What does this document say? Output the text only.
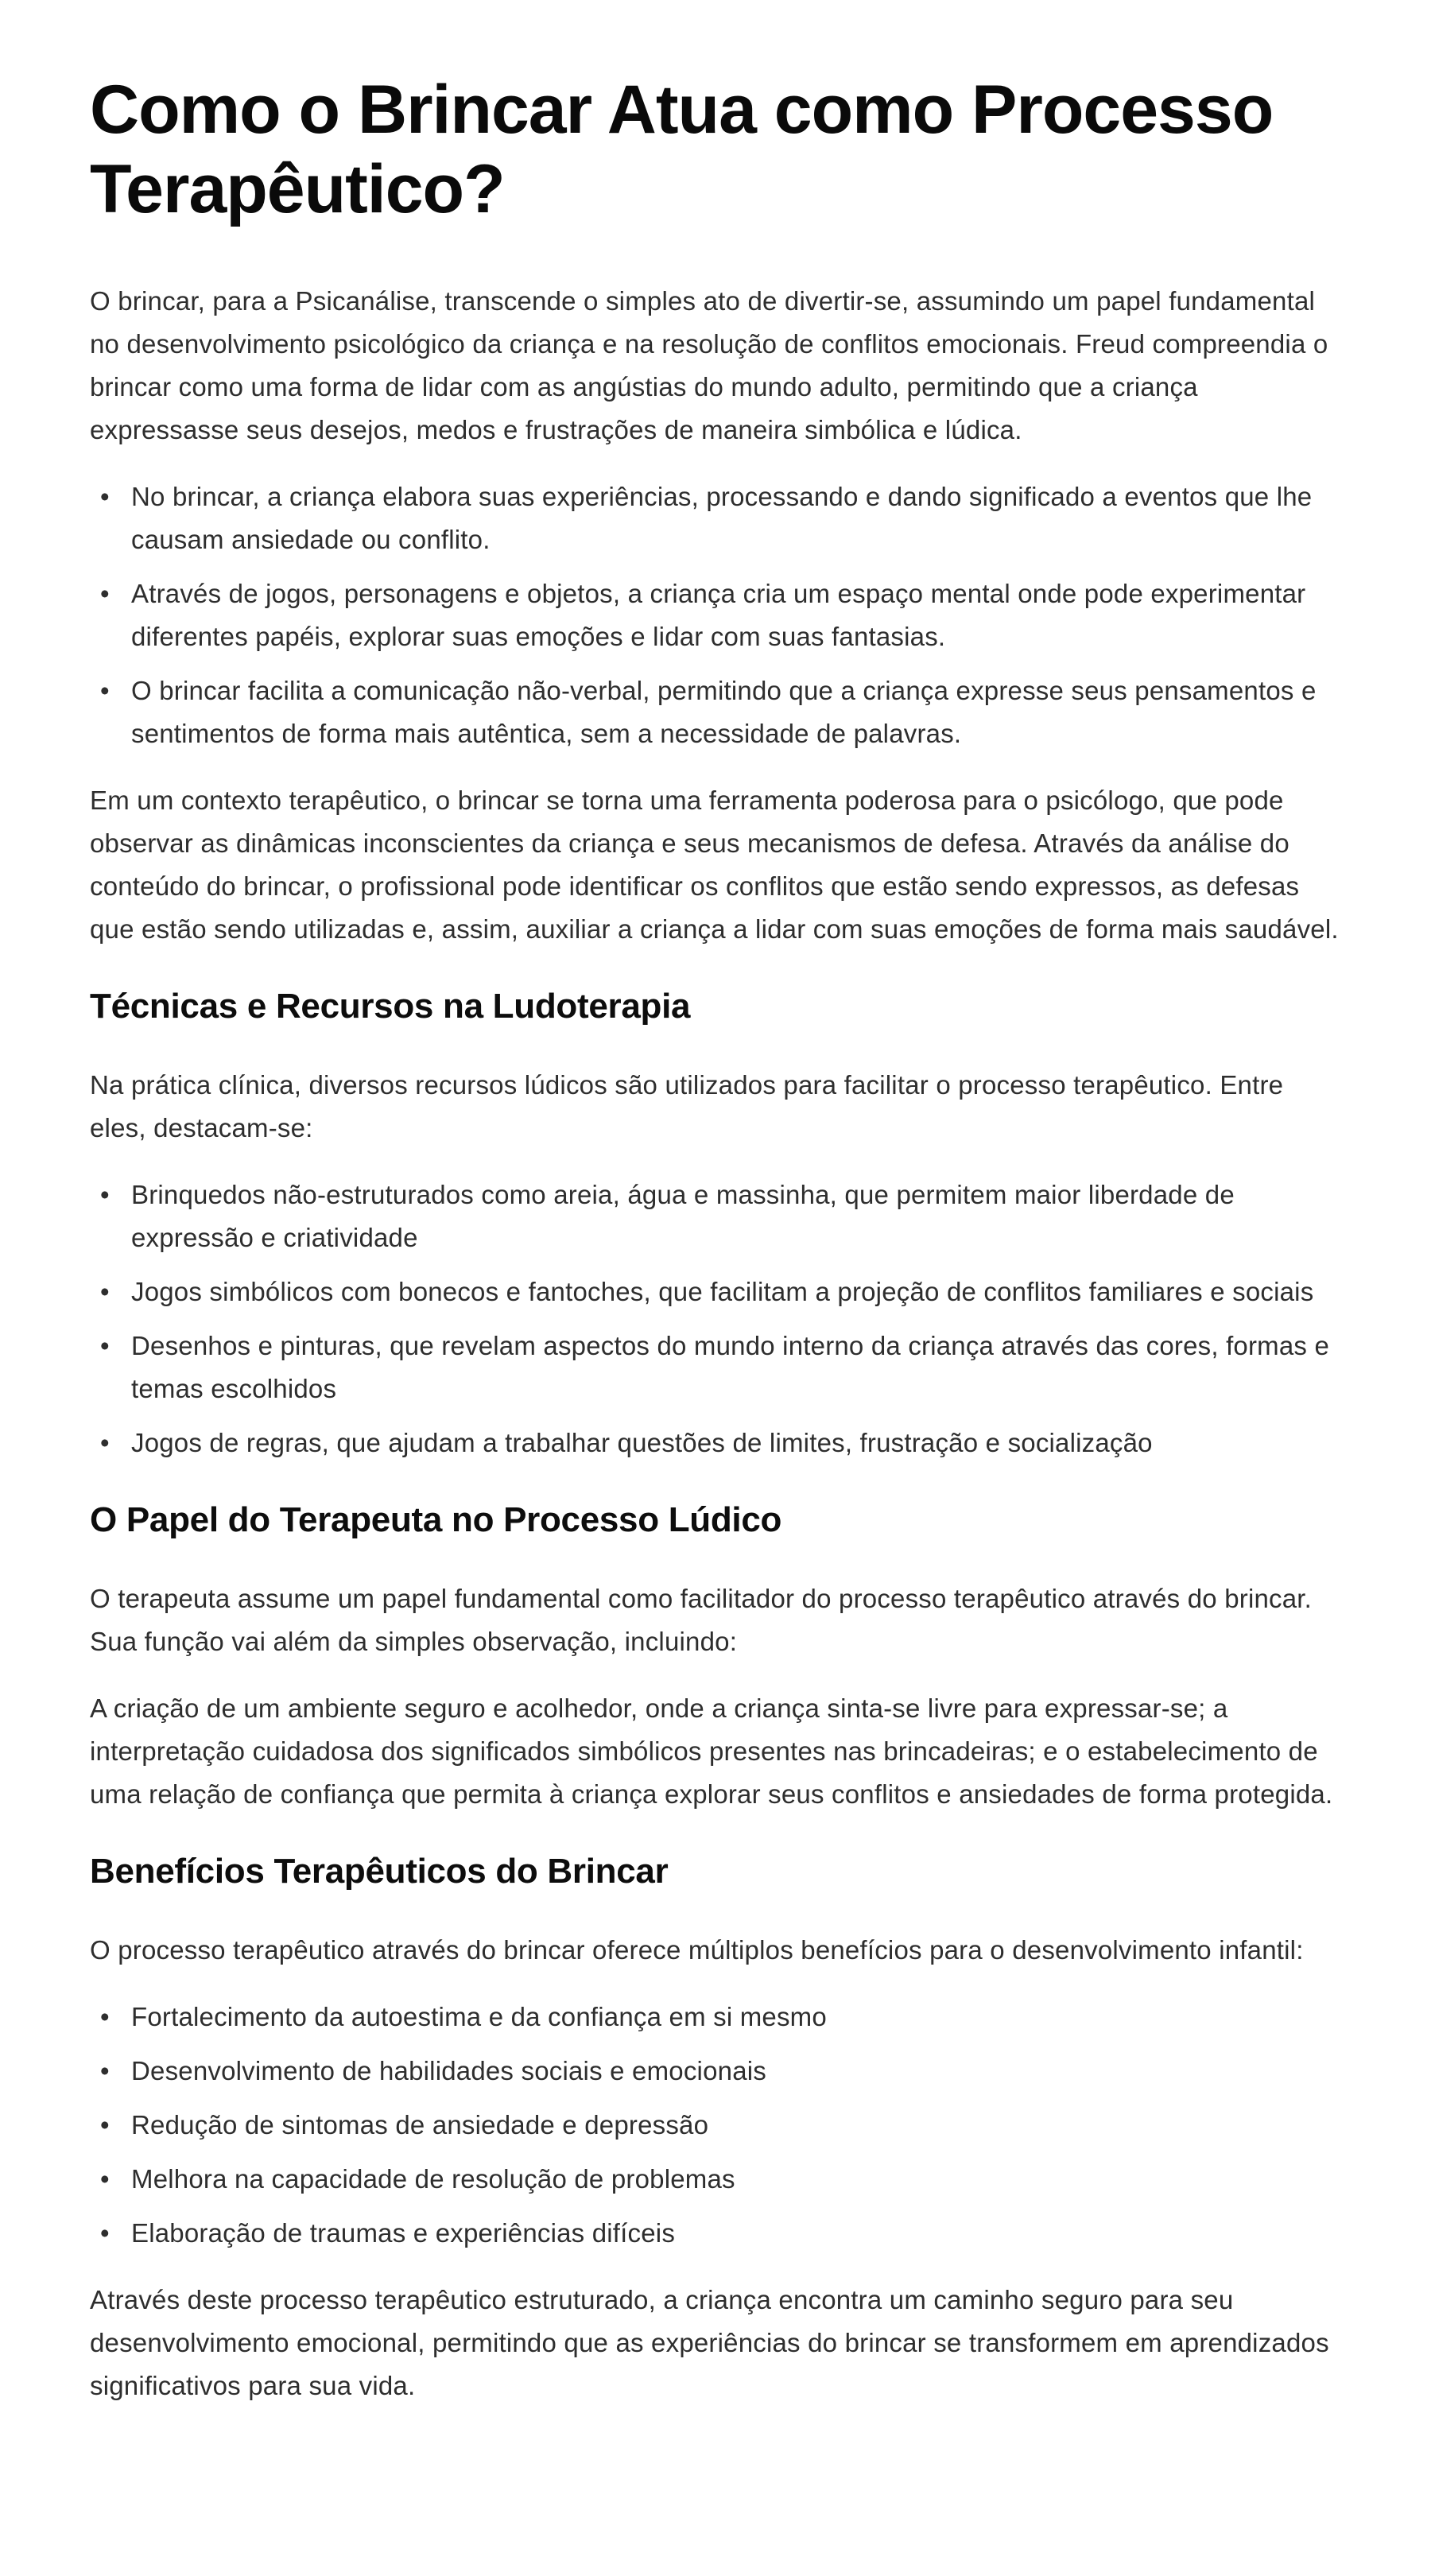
Como o Brincar Atua como Processo Terapêutico?

O brincar, para a Psicanálise, transcende o simples ato de divertir-se, assumindo um papel fundamental no desenvolvimento psicológico da criança e na resolução de conflitos emocionais. Freud compreendia o brincar como uma forma de lidar com as angústias do mundo adulto, permitindo que a criança expressasse seus desejos, medos e frustrações de maneira simbólica e lúdica.

• No brincar, a criança elabora suas experiências, processando e dando significado a eventos que lhe causam ansiedade ou conflito.
• Através de jogos, personagens e objetos, a criança cria um espaço mental onde pode experimentar diferentes papéis, explorar suas emoções e lidar com suas fantasias.
• O brincar facilita a comunicação não-verbal, permitindo que a criança expresse seus pensamentos e sentimentos de forma mais autêntica, sem a necessidade de palavras.

Em um contexto terapêutico, o brincar se torna uma ferramenta poderosa para o psicólogo, que pode observar as dinâmicas inconscientes da criança e seus mecanismos de defesa. Através da análise do conteúdo do brincar, o profissional pode identificar os conflitos que estão sendo expressos, as defesas que estão sendo utilizadas e, assim, auxiliar a criança a lidar com suas emoções de forma mais saudável.

Técnicas e Recursos na Ludoterapia

Na prática clínica, diversos recursos lúdicos são utilizados para facilitar o processo terapêutico. Entre eles, destacam-se:

• Brinquedos não-estruturados como areia, água e massinha, que permitem maior liberdade de expressão e criatividade
• Jogos simbólicos com bonecos e fantoches, que facilitam a projeção de conflitos familiares e sociais
• Desenhos e pinturas, que revelam aspectos do mundo interno da criança através das cores, formas e temas escolhidos
• Jogos de regras, que ajudam a trabalhar questões de limites, frustração e socialização
O Papel do Terapeuta no Processo Lúdico

O terapeuta assume um papel fundamental como facilitador do processo terapêutico através do brincar. Sua função vai além da simples observação, incluindo:

A criação de um ambiente seguro e acolhedor, onde a criança sinta-se livre para expressar-se; a interpretação cuidadosa dos significados simbólicos presentes nas brincadeiras; e o estabelecimento de uma relação de confiança que permita à criança explorar seus conflitos e ansiedades de forma protegida.

Benefícios Terapêuticos do Brincar

O processo terapêutico através do brincar oferece múltiplos benefícios para o desenvolvimento infantil:

• Fortalecimento da autoestima e da confiança em si mesmo
• Desenvolvimento de habilidades sociais e emocionais
• Redução de sintomas de ansiedade e depressão
• Melhora na capacidade de resolução de problemas
• Elaboração de traumas e experiências difíceis

Através deste processo terapêutico estruturado, a criança encontra um caminho seguro para seu desenvolvimento emocional, permitindo que as experiências do brincar se transformem em aprendizados significativos para sua vida.
